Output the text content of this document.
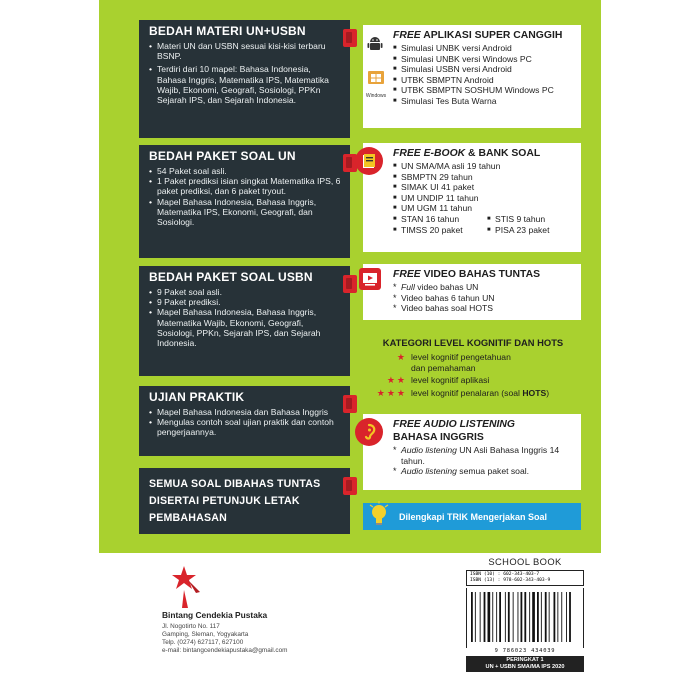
BEDAH MATERI UN+USBN
• Materi UN dan USBN sesuai kisi-kisi terbaru BSNP.
• Terdiri dari 10 mapel: Bahasa Indonesia, Bahasa Inggris, Matematika IPS, Matematika Wajib, Ekonomi, Geografi, Sosiologi, PPKn Sejarah IPS, dan Sejarah Indonesia.
BEDAH PAKET SOAL UN
• 54 Paket soal asli.
• 1 Paket prediksi isian singkat Matematika IPS, 6 paket prediksi, dan 6 paket tryout.
• Mapel Bahasa Indonesia, Bahasa Inggris, Matematika IPS, Ekonomi, Geografi, dan Sosiologi.
BEDAH PAKET SOAL USBN
• 9 Paket soal asli.
• 9 Paket prediksi.
• Mapel Bahasa Indonesia, Bahasa Inggris, Matematika Wajib, Ekonomi, Geografi, Sosiologi, PPKn, Sejarah IPS, dan Sejarah Indonesia.
UJIAN PRAKTIK
• Mapel Bahasa Indonesia dan Bahasa Inggris
• Mengulas contoh soal ujian praktik dan contoh pengerjaannya.
SEMUA SOAL DIBAHAS TUNTAS DISERTAI PETUNJUK LETAK PEMBAHASAN
FREE APLIKASI SUPER CANGGIH
■ Simulasi UNBK versi Android
■ Simulasi UNBK versi Windows PC
■ Simulasi USBN versi Android
■ UTBK SBMPTN Android
■ UTBK SBMPTN SOSHUM Windows PC
■ Simulasi Tes Buta Warna
Windows
FREE E-BOOK & BANK SOAL
■ UN SMA/MA asli 19 tahun
■ SBMPTN 29 tahun
■ SIMAK UI 41 paket
■ UM UNDIP 11 tahun
■ UM UGM 11 tahun
■ STAN 16 tahun	■ STIS 9 tahun
■ TIMSS 20 paket	■ PISA 23 paket
FREE VIDEO BAHAS TUNTAS
* Full video bahas UN
* Video bahas 6 tahun UN
* Video bahas soal HOTS
KATEGORI LEVEL KOGNITIF DAN HOTS
★ level kognitif pengetahuan dan pemahaman
★★ level kognitif aplikasi
★★★ level kognitif penalaran (soal HOTS)
FREE AUDIO LISTENING
BAHASA INGGRIS
* Audio listening UN Asli Bahasa Inggris 14 tahun.
* Audio listening semua paket soal.
Dilengkapi TRIK Mengerjakan Soal
Bintang Cendekia Pustaka
Jl. Nogotirto No. 117
Gamping, Sleman, Yogyakarta
Telp. (0274) 627117, 627100
e-mail: bintangcendekiapustaka@gmail.com
SCHOOL BOOK
ISBN (10) : 602-343-403-7
ISBN (13) : 978-602-343-403-9
9 786023 434039
PERINGKAT 1
UN + USBN SMA/MA IPS 2020
